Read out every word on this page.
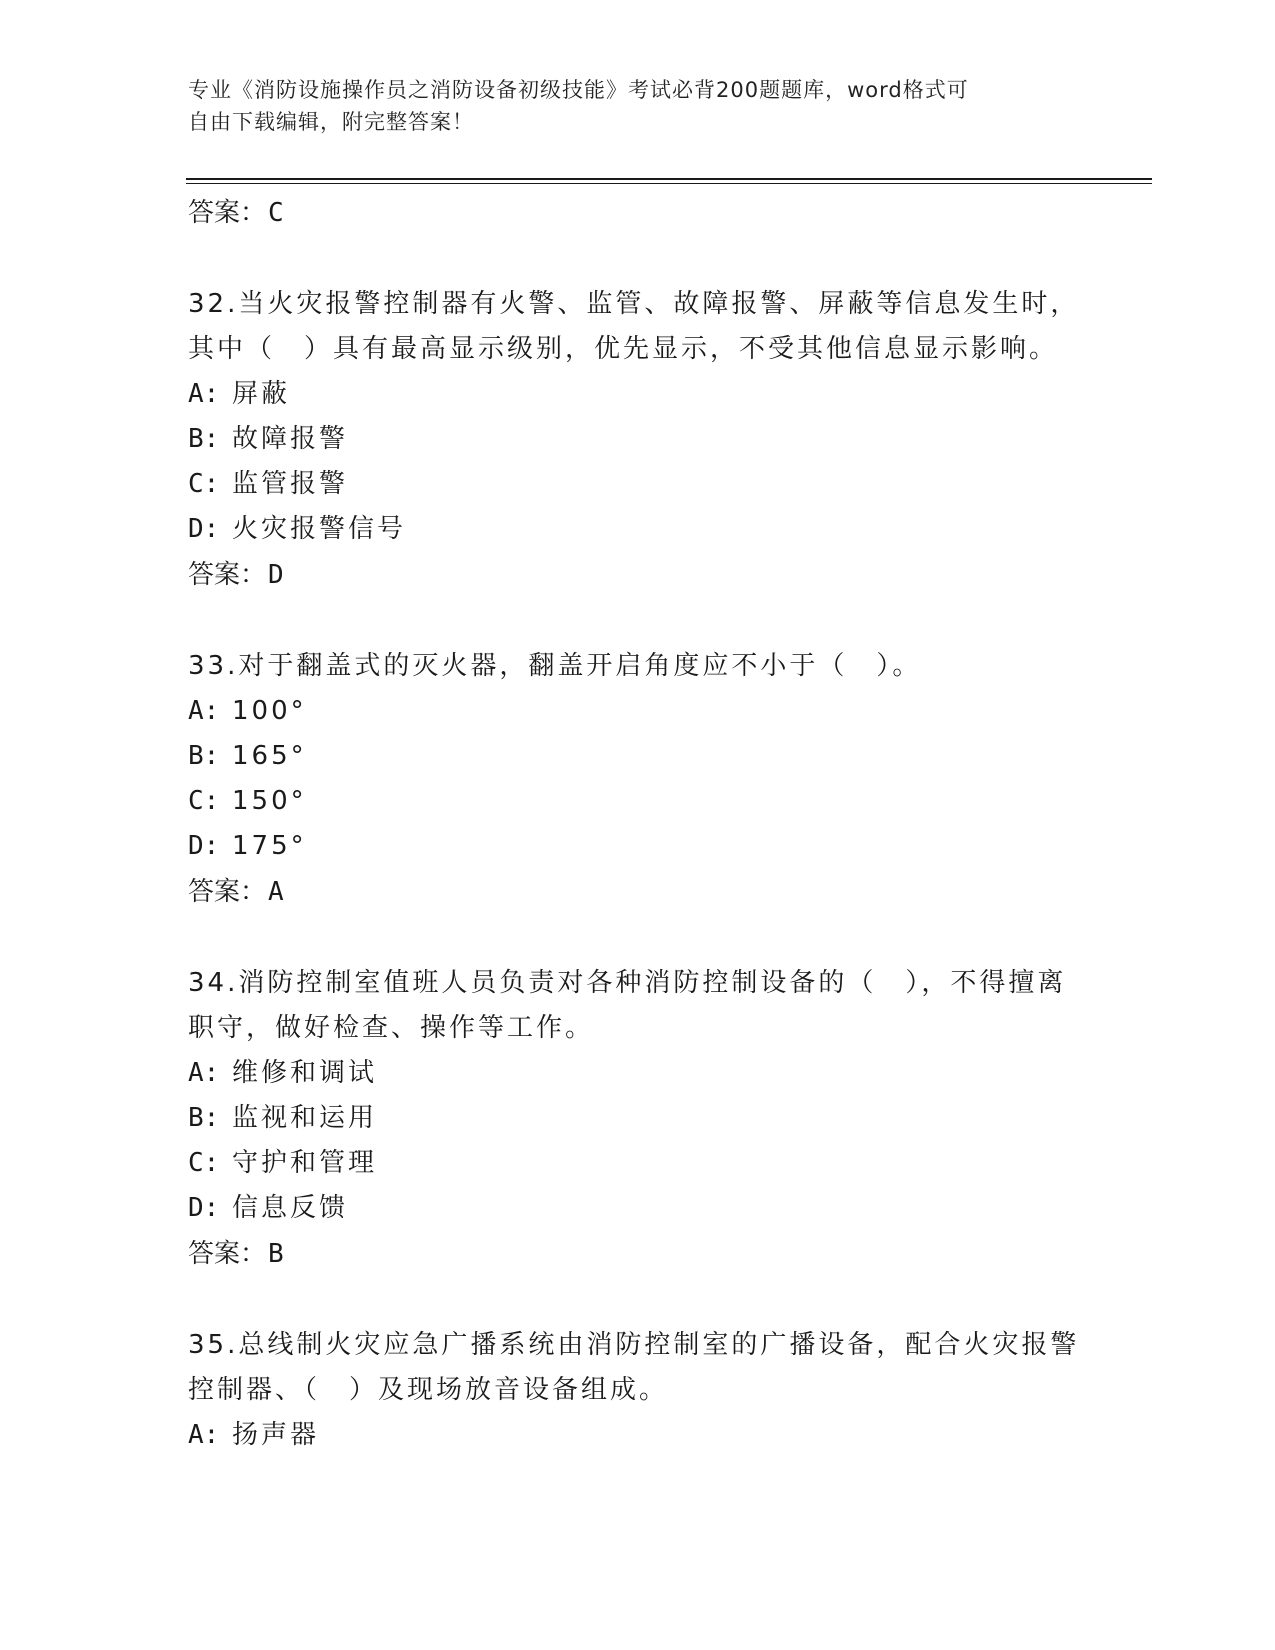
专业《消防设施操作员之消防设备初级技能》考试必背200题题库，word格式可
自由下载编辑，附完整答案！
答案： C
32.当火灾报警控制器有火警、监管、故障报警、屏蔽等信息发生时，
其中（　）具有最高显示级别，优先显示，不受其他信息显示影响。
A: 屏蔽
B: 故障报警
C: 监管报警
D: 火灾报警信号
答案： D
33.对于翻盖式的灭火器，翻盖开启角度应不小于（　）。
A: 100°
B: 165°
C: 150°
D: 175°
答案： A
34.消防控制室值班人员负责对各种消防控制设备的（　），不得擅离
职守，做好检查、操作等工作。
A: 维修和调试
B: 监视和运用
C: 守护和管理
D: 信息反馈
答案： B
35.总线制火灾应急广播系统由消防控制室的广播设备，配合火灾报警
控制器、（　）及现场放音设备组成。
A: 扬声器
